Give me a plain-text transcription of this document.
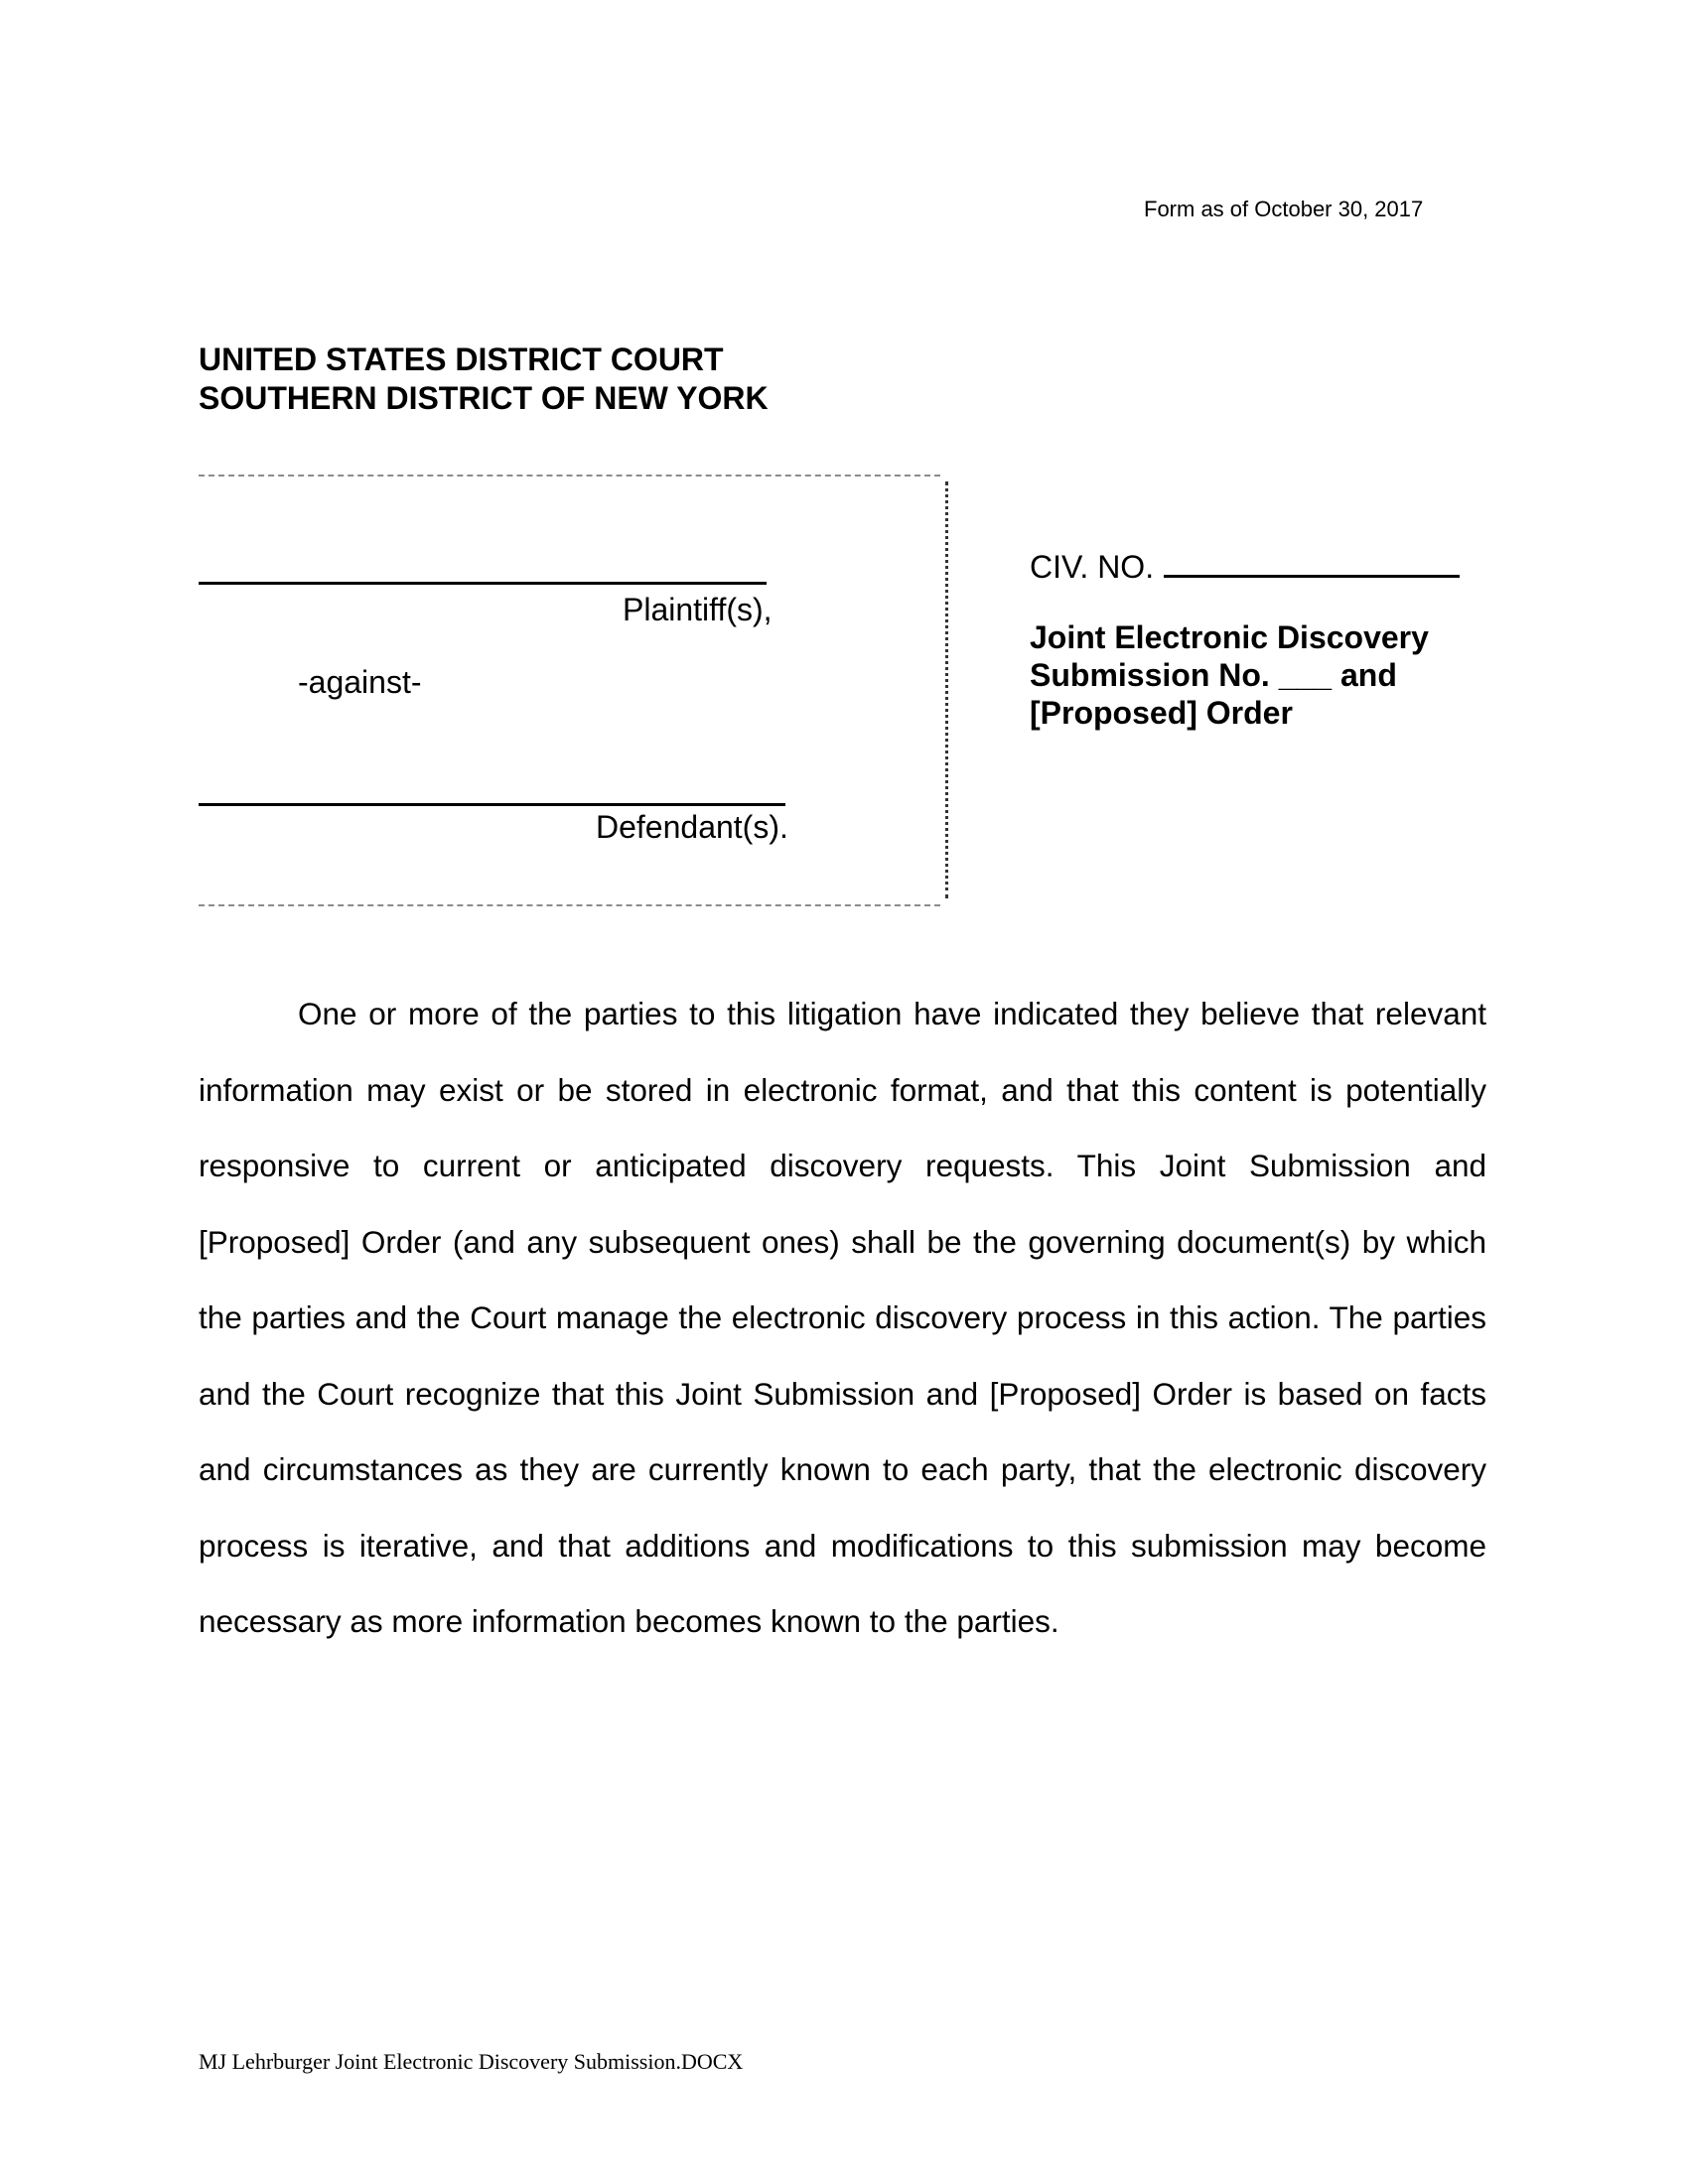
Form as of October 30, 2017
UNITED STATES DISTRICT COURT
SOUTHERN DISTRICT OF NEW YORK
Plaintiff(s),
-against-
Defendant(s).
CIV. NO.
Joint Electronic Discovery
Submission No. ___ and
[Proposed] Order

One or more of the parties to this litigation have indicated they believe that relevant information may exist or be stored in electronic format, and that this content is potentially responsive to current or anticipated discovery requests. This Joint Submission and [Proposed] Order (and any subsequent ones) shall be the governing document(s) by which the parties and the Court manage the electronic discovery process in this action. The parties and the Court recognize that this Joint Submission and [Proposed] Order is based on facts and circumstances as they are currently known to each party, that the electronic discovery process is iterative, and that additions and modifications to this submission may become necessary as more information becomes known to the parties.

MJ Lehrburger Joint Electronic Discovery Submission.DOCX
